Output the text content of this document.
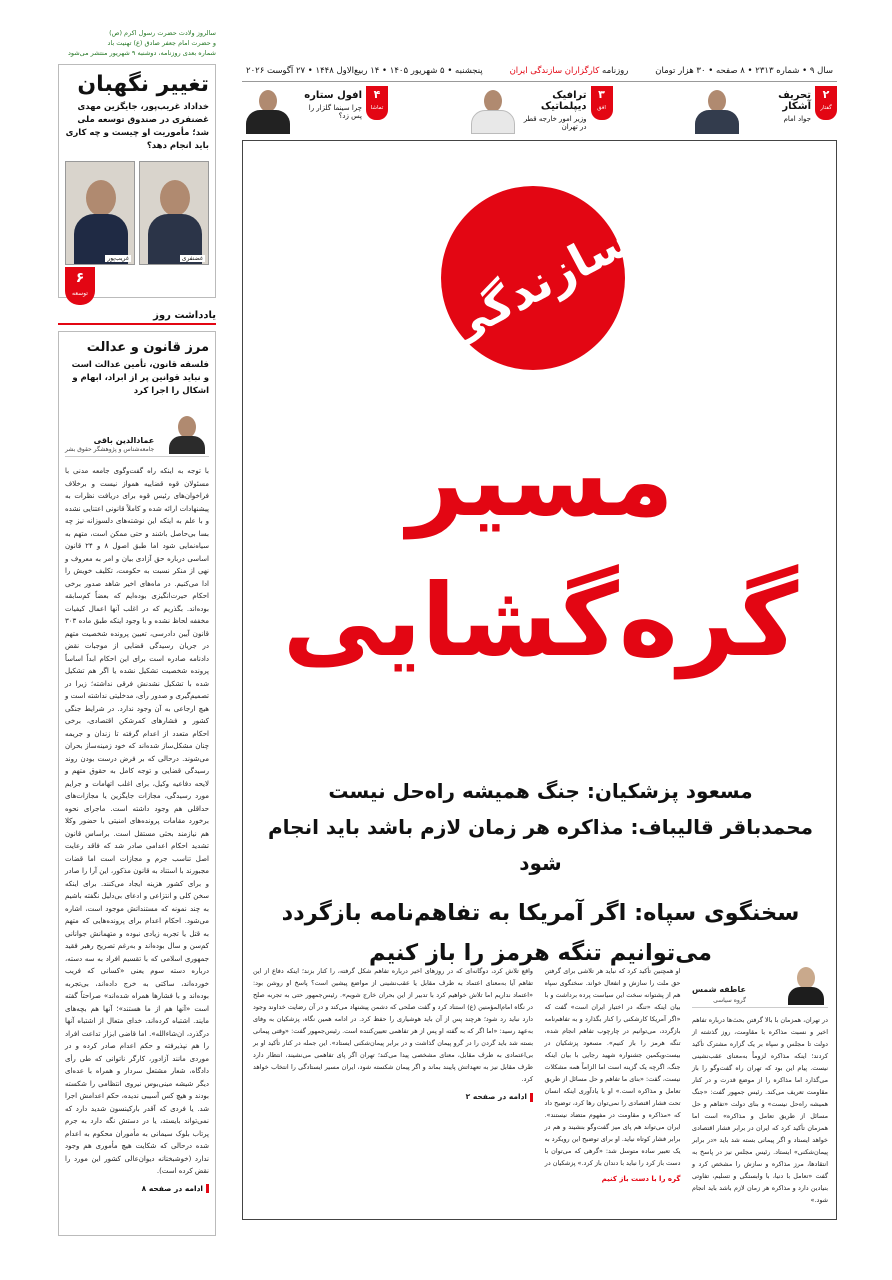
سالروز ولادت حضرت رسول اکرم (ص)
و حضرت امام جعفر صادق (ع) تهنیت باد
شماره بعدی روزنامه، دوشنبه ۹ شهریور منتشر می‌شود
تغییر نگهبان
خداداد غریب‌پور، جایگزین مهدی غضنفری در صندوق توسعه ملی شد؛ مأموریت او چیست و چه کاری باید انجام دهد؟
غضنفری
غریب‌پور
۶
توسعه
یادداشت روز
مرز قانون و عدالت
فلسفه قانون، تأمین عدالت است و نباید قوانین پر از ابراد، ابهام و اشکال را اجرا کرد
عمادالدین باقی
جامعه‌شناس و پژوهشگر حقوق بشر
با توجه به اینکه راه گفت‌وگوی جامعه مدنی با مسئولان قوه قضاییه همواز نیست و برخلاف فراخوان‌های رئیس قوه برای دریافت نظرات به پیشنهادات ارائه شده و کاملاً قانونی اعتنایی نشده و با علم به اینکه این نوشته‌های دلسوزانه نیز چه بسا بی‌حاصل باشند و حتی ممکن است، متهم به سیاه‌نمایی شود اما طبق اصول ۸ و ۲۴ قانون اساسی درباره حق آزادی بیان و امر به معروف و نهی از منکر نسبت به حکومت، تکلیف خویش را ادا می‌کنیم. در ماه‌های اخیر شاهد صدور برخی احکام حیرت‌انگیزی بوده‌ایم که بعضاً کم‌سابقه بوده‌اند. بگذریم که در اغلب آنها اعمال کیفیات مخففه لحاظ نشده و با وجود اینکه طبق ماده ۳۰۳ قانون آیین دادرسی، تعیین پرونده شخصیت متهم در جریان رسیدگی قضایی از موجبات نقض دادنامه صادره است برای این احکام ابداً اساساً پرونده شخصیت تشکیل نشده یا اگر هم تشکیل شده با تشکیل نشدنش فرقی نداشته؛ زیرا در تصمیم‌گیری و صدور رأی، مدخلیتی نداشته است و هیچ ارجاعی به آن وجود ندارد. در شرایط جنگی کشور و فشارهای کمرشکن اقتصادی، برخی احکام متعدد از اعدام گرفته تا زندان و جریمه چنان مشکل‌ساز شده‌اند که خود زمینه‌ساز بحران می‌شوند. درحالی که بر فرض درست بودن روند رسیدگی قضایی و توجه کامل به حقوق متهم و لایحه دفاعیه وکیل، برای اغلب اتهامات و جرایم مورد رسیدگی، مجازات جایگزین یا مجازات‌های حداقلی هم وجود داشته است. ماجرای نحوه برخورد مقامات پرونده‌های امنیتی با حضور وکلا هم نیازمند بحثی مستقل است. براساس قانون تشدید احکام اعدامی صادر شد که فاقد رعایت اصل تناسب جرم و مجازات است اما قضات مجبورند با استناد به قانون مذکور، این آرا را صادر و برای کشور هزینه ایجاد می‌کنند. برای اینکه سخن کلی و انتزاعی و ادعای بی‌دلیل نگفته باشیم به چند نمونه که مستنداتش موجود است، اشاره می‌شود. احکام اعدام برای پرونده‌هایی که متهم به قتل یا تجربه زیادی نبوده و متهمانش جوانانی کم‌سن و سال بوده‌اند و به‌رغم تصریح رهبر فقید جمهوری اسلامی که با تقسیم افراد به سه دسته، درباره دسته سوم یعنی «کسانی که فریب خورده‌اند، ساکتی به خرج داده‌اند، بی‌تجربه بوده‌اند و با فشارها همراه شده‌اند» صراحتاً گفته است «آنها هم از ما هستند»؛ آنها هم بچه‌های مایند. اشتباه کرده‌اند، خدای متعال از اشتباه آنها درگذرد، ان‌شاءالله». اما قاضی ابزار تداعت افراد را هم نپذیرفته و حکم اعدام صادر کرده و در موردی مانند آزادور، کارگر ناتوانی که طی رأی دادگاه، شعار مشتعل سردار و همراه با عده‌ای دیگر شیشه مینی‌بوس نیروی انتظامی را شکسته بودند و هیچ کس آسیبی ندیده، حکم اعدامش اجرا شد. یا فردی که آقدر بارکینسون شدید دارد که نمی‌تواند بایستد، یا در دستش نگه دارد به جرم پرتاب بلوک سیمانی به مأموران محکوم به اعدام شده درحالی که شکایت هیچ مأموری هم وجود ندارد (خوشبختانه دیوان‌عالی کشور این مورد را نقض کرده است).
ادامه در صفحه ۸
سال ۹ • شماره ۲۳۱۳ • ۸ صفحه • ۳۰ هزار تومان
روزنامه کارگزاران سازندگی ایران
پنجشنبه • ۵ شهریور ۱۴۰۵ • ۱۴ ربیع‌الاول ۱۴۴۸ • ۲۷ آگوست ۲۰۲۶
۲
گفتار
تحریف آشکار
جواد امام
۳
افق
ترافیک دیپلماتیک
وزیر امور خارجه قطر در تهران
۴
تماشا
افول ستاره
چرا سینما گلزار را پس زد؟
سازندگی
مسیر
گره‌گشایی
مسعود پزشکیان: جنگ همیشه راه‌حل نیست
محمدباقر قالیباف: مذاکره هر زمان لازم باشد باید انجام شود
سخنگوی سپاه: اگر آمریکا به تفاهم‌نامه بازگردد
می‌توانیم تنگه هرمز را باز کنیم
عاطفه شمس
گروه سیاسی
در تهران، همزمان با بالا گرفتن بحث‌ها درباره تفاهم اخیر و نسبت مذاکره با مقاومت، روز گذشته از دولت تا مجلس و سپاه بر یک گزاره مشترک تأکید کردند؛ اینکه مذاکره لزوماً به‌معنای عقب‌نشینی نیست. پیام این بود که تهران راه گفت‌وگو را باز می‌گذارد اما مذاکره را از موضع قدرت و در کنار مقاومت تعریف می‌کند. رئیس جمهور گفت: «جنگ همیشه راه‌حل نیست» و بنای دولت «تفاهم و حل مسائل از طریق تعامل و مذاکره» است اما همزمان تأکید کرد که ایران در برابر فشار اقتصادی خواهد ایستاد و اگر پیمانی بسته شد باید «در برابر پیمان‌شکنی» ایستاد. رئیس مجلس نیز در پاسخ به انتقادها، مرز مذاکره و سازش را مشخص کرد و گفت «تعامل با دنیا، با وابستگی و تسلیم، تفاوتی بنیادین دارد و مذاکره هر زمان لازم باشد باید انجام شود.»
او همچنین تأکید کرد که نباید هر تلاشی برای گرفتن حق ملت را سازش و انفعال خواند. سخنگوی سپاه هم از پشتوانه سخت این سیاست پرده برداشت و با بیان اینکه «تنگه در اختیار ایران است» گفت که «اگر آمریکا کارشکنی را کنار بگذارد و به تفاهم‌نامه بازگردد، می‌توانیم در چارچوب تفاهم انجام شده، تنگه هرمز را باز کنیم». مسعود پزشکیان در بیست‌ویکمین جشنواره شهید رجایی با بیان اینکه جنگ، اگرچه یک گزینه است اما الزاماً همه مشکلات نیست، گفت: «بنای ما تفاهم و حل مسائل از طریق تعامل و مذاکره است.» او با یادآوری اینکه انسان تحت فشار اقتصادی را نمی‌توان رها کرد، توضیح داد که «مذاکره و مقاومت در مفهوم متضاد نیستند». ایران می‌تواند هم پای میز گفت‌وگو بنشیند و هم در برابر فشار کوتاه نیاید. او برای توضیح این رویکرد به یک تعبیر ساده متوسل شد: «گرهی که می‌توان با دست باز کرد را نباید با دندان باز کرد.» پزشکیان در
گره را با دست باز کنیم
واقع تلاش کرد، دوگانه‌ای که در روزهای اخیر درباره تفاهم شکل گرفته، را کنار بزند؛ اینکه دفاع از این تفاهم آیا به‌معنای اعتماد به طرف مقابل یا عقب‌نشینی از مواضع پیشین است؟ پاسخ او روشن بود: «اعتماد نداریم اما تلاش خواهیم کرد با تدبیر از این بحران خارج شویم». رئیس‌جمهور حتی به تجربه صلح در نگاه امام‌المؤمنین (ع) استناد کرد و گفت صلحی که دشمن پیشنهاد می‌کند و در آن رضایت خداوند وجود دارد نباید رد شود؛ هرچند پس از آن باید هوشیاری را حفظ کرد. در ادامه همین نگاه، پزشکیان به وفای به‌عهد رسید: «اما اگر که به گفته او پس از هر تفاهمی تعیین‌کننده است. رئیس‌جمهور گفت: «وقتی پیمانی بسته شد باید گردن را در گرو پیمان گذاشت و در برابر پیمان‌شکنی ایستاد». این جمله در کنار تأکید او بر بی‌اعتمادی به طرف مقابل، معنای مشخصی پیدا می‌کند؛ تهران اگر پای تفاهمی می‌نشیند، انتظار دارد طرف مقابل نیز به تعهداتش پایبند بماند و اگر پیمان شکسته شود، ایران مسیر ایستادگی را انتخاب خواهد کرد.
ادامه در صفحه ۲
